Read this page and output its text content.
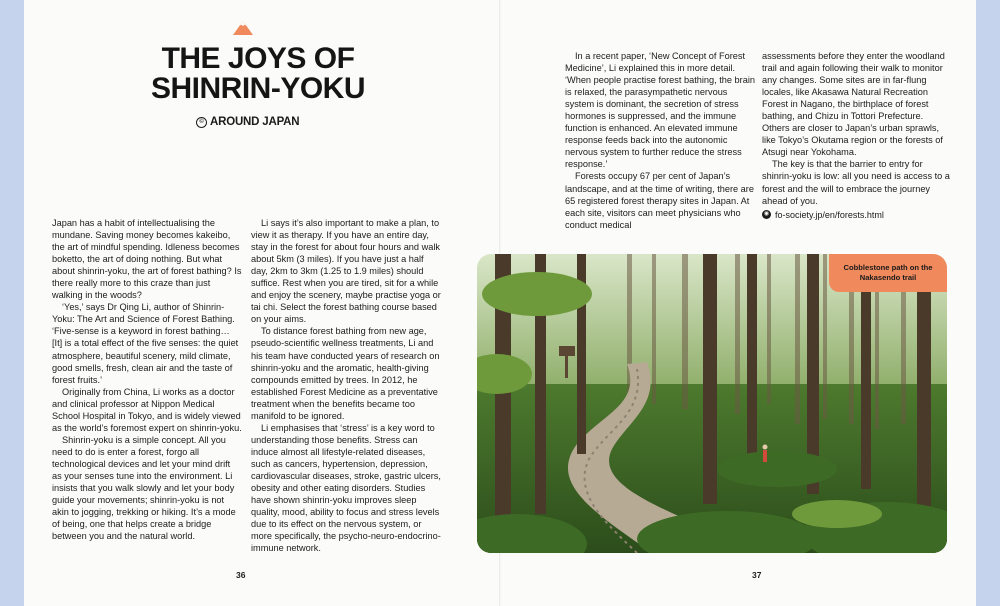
THE JOYS OF
SHINRIN-YOKU
© AROUND JAPAN

Japan has a habit of intellectualising the mundane. Saving money becomes kakeibo, the art of mindful spending. Idleness becomes boketto, the art of doing nothing. But what about shinrin-yoku, the art of forest bathing? Is there really more to this craze than just walking in the woods?

‘Yes,’ says Dr Qing Li, author of Shinrin-Yoku: The Art and Science of Forest Bathing. ‘Five-sense is a keyword in forest bathing… [It] is a total effect of the five senses: the quiet atmosphere, beautiful scenery, mild climate, good smells, fresh, clean air and the taste of forest fruits.’

Originally from China, Li works as a doctor and clinical professor at Nippon Medical School Hospital in Tokyo, and is widely viewed as the world’s foremost expert on shinrin-yoku.

Shinrin-yoku is a simple concept. All you need to do is enter a forest, forgo all technological devices and let your mind drift as your senses tune into the environment. Li insists that you walk slowly and let your body guide your movements; shinrin-yoku is not akin to jogging, trekking or hiking. It’s a mode of being, one that helps create a bridge between you and the natural world.

Li says it’s also important to make a plan, to view it as therapy. If you have an entire day, stay in the forest for about four hours and walk about 5km (3 miles). If you have just a half day, 2km to 3km (1.25 to 1.9 miles) should suffice. Rest when you are tired, sit for a while and enjoy the scenery, maybe practise yoga or tai chi. Select the forest bathing course based on your aims.

To distance forest bathing from new age, pseudo-scientific wellness treatments, Li and his team have conducted years of research on shinrin-yoku and the aromatic, health-giving compounds emitted by trees. In 2012, he established Forest Medicine as a preventative treatment when the benefits became too manifold to be ignored.

Li emphasises that ‘stress’ is a key word to understanding those benefits. Stress can induce almost all lifestyle-related diseases, such as cancers, hypertension, depression, cardiovascular diseases, stroke, gastric ulcers, obesity and other eating disorders. Studies have shown shinrin-yoku improves sleep quality, mood, ability to focus and stress levels due to its effect on the nervous system, or more specifically, the psycho-neuro-endocrino-immune network.

In a recent paper, ‘New Concept of Forest Medicine’, Li explained this in more detail. ‘When people practise forest bathing, the brain is relaxed, the parasympathetic nervous system is dominant, the secretion of stress hormones is suppressed, and the immune function is enhanced. An elevated immune response feeds back into the autonomic nervous system to further reduce the stress response.’

Forests occupy 67 per cent of Japan’s landscape, and at the time of writing, there are 65 registered forest therapy sites in Japan. At each site, visitors can meet physicians who conduct medical

assessments before they enter the woodland trail and again following their walk to monitor any changes. Some sites are in far-flung locales, like Akasawa Natural Recreation Forest in Nagano, the birthplace of forest bathing, and Chizu in Tottori Prefecture. Others are closer to Japan’s urban sprawls, like Tokyo’s Okutama region or the forests of Atsugi near Yokohama.

The key is that the barrier to entry for shinrin-yoku is low: all you need is access to a forest and the will to embrace the journey ahead of you.

◉ fo-society.jp/en/forests.html
Cobblestone path on the Nakasendo trail
36	37
